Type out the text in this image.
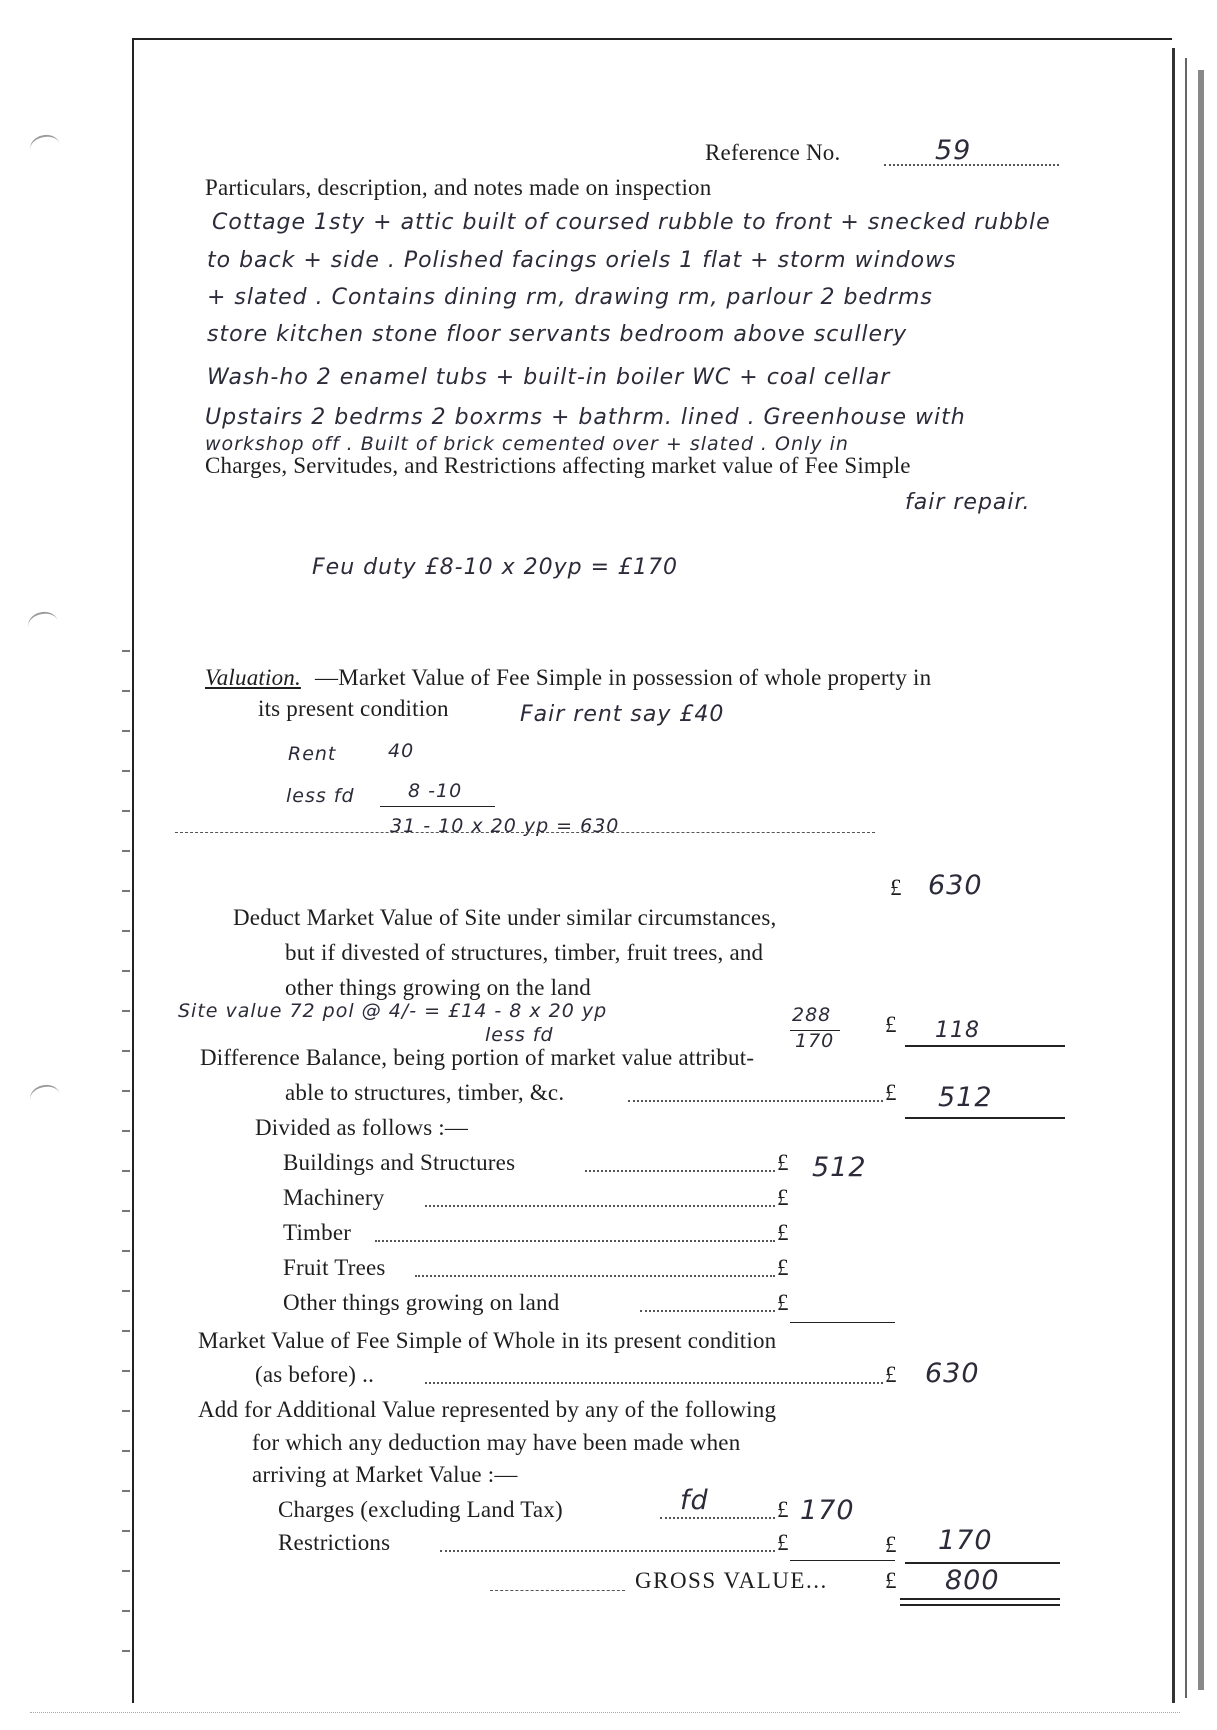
Reference No.	59
Particulars, description, and notes made on inspection
Cottage 1sty + attic built of coursed rubble to front + snecked rubble
to back + side . Polished facings oriels 1 flat + storm windows
+ slated . Contains dining rm, drawing rm, parlour 2 bedrms
store kitchen stone floor servants bedroom above scullery
Wash-ho 2 enamel tubs + built-in boiler WC + coal cellar
Upstairs 2 bedrms 2 boxrms + bathrm. lined . Greenhouse with
workshop off . Built of brick cemented over + slated . Only in
Charges, Servitudes, and Restrictions affecting market value of Fee Simple
fair repair.
Feu duty £8-10 x 20yp = £170
Valuation. —Market Value of Fee Simple in possession of whole property in
its present condition	Fair rent say £40
Rent	40
less fd	8 -10
31 - 10 x 20 yp = 630
£ 630
Deduct Market Value of Site under similar circumstances,
but if divested of structures, timber, fruit trees, and
other things growing on the land
Site value 72 pol @ 4/- = £14 - 8 x 20 yp
less fd
288
170
£ 118
Difference Balance, being portion of market value attribut-
able to structures, timber, &c.	£ 512
Divided as follows :—
Buildings and Structures	£ 512
Machinery	£
Timber	£
Fruit Trees	£
Other things growing on land	£
Market Value of Fee Simple of Whole in its present condition
(as before) ..	£ 630
Add for Additional Value represented by any of the following
for which any deduction may have been made when
arriving at Market Value :—
Charges (excluding Land Tax)	fd	£ 170
Restrictions	£	£ 170
GROSS VALUE... £ 800
